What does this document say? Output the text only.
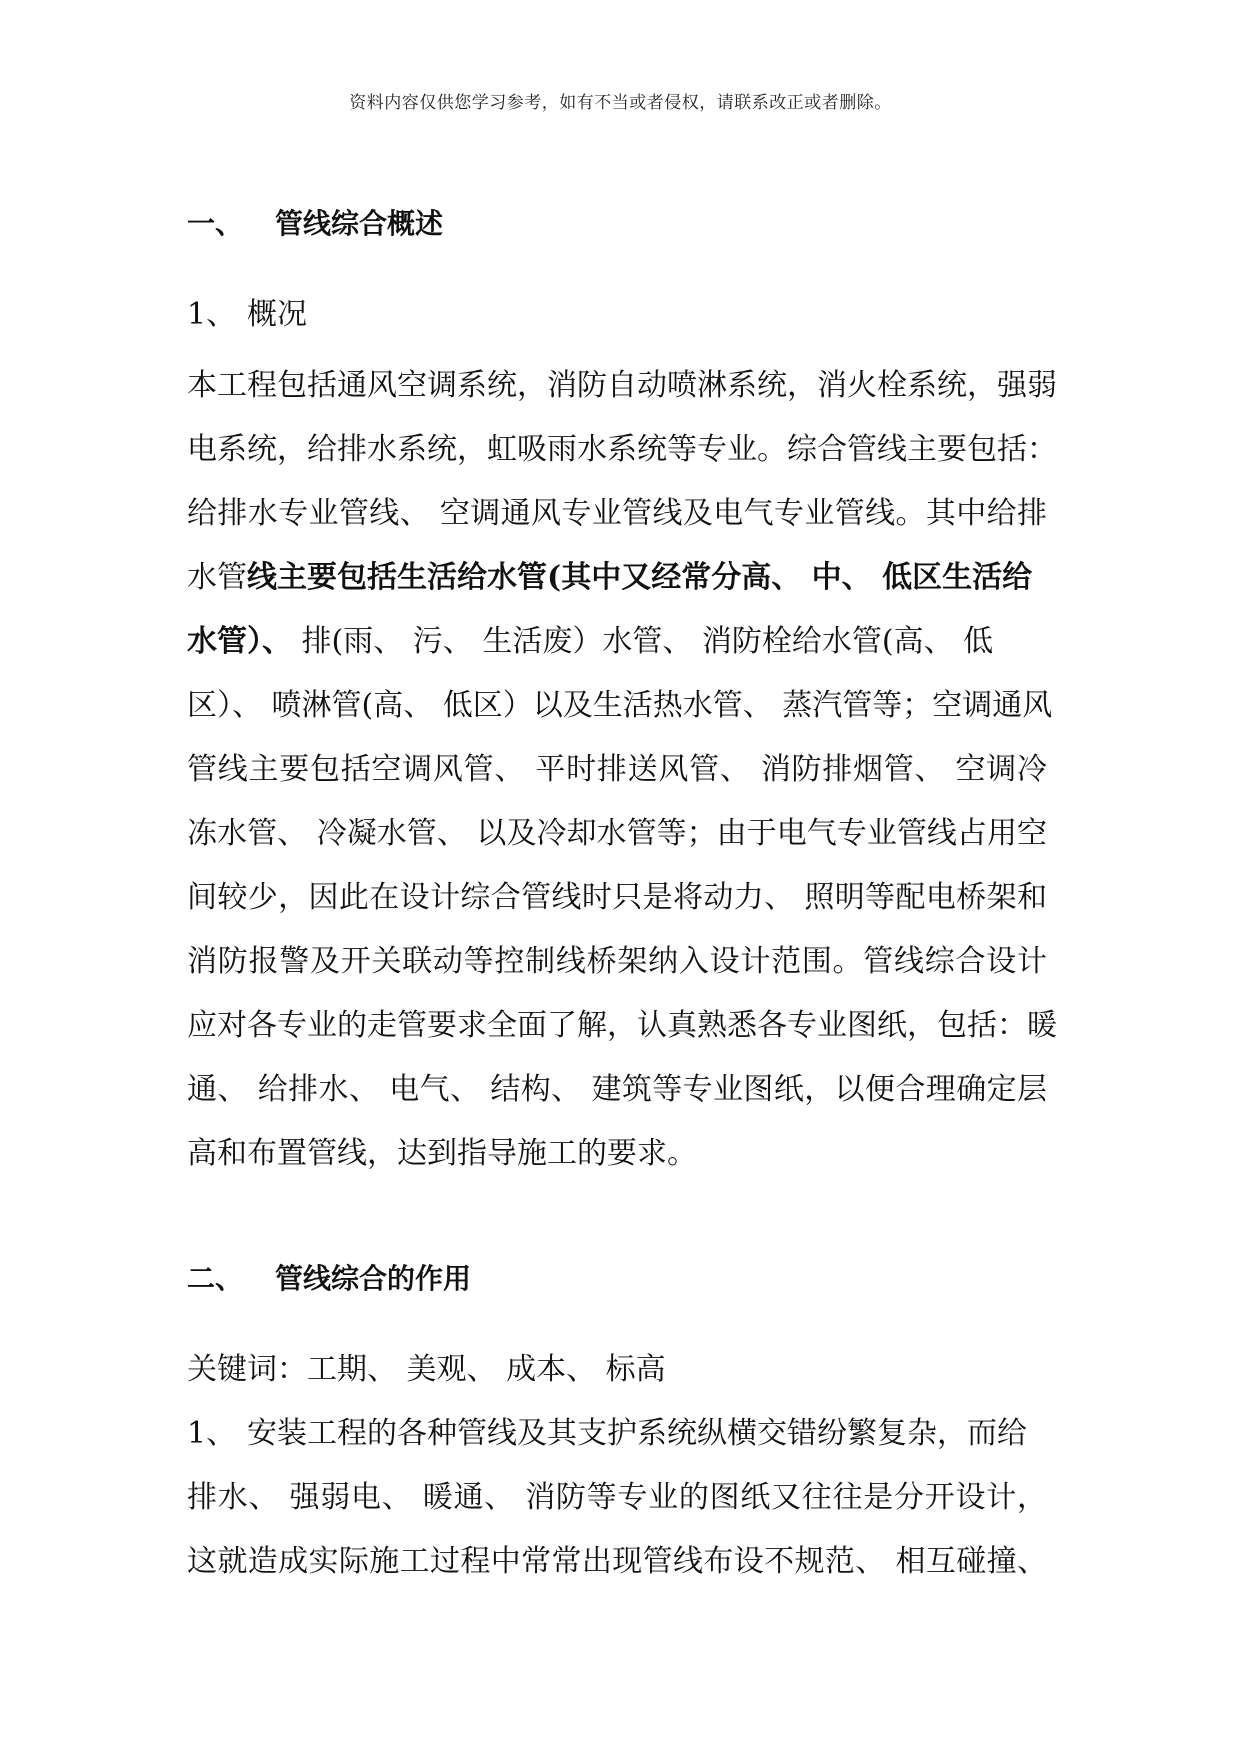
资料内容仅供您学习参考，如有不当或者侵权，请联系改正或者删除。
一、 管线综合概述
1、 概况
本工程包括通风空调系统，消防自动喷淋系统，消火栓系统，强弱
电系统，给排水系统，虹吸雨水系统等专业。综合管线主要包括：
给排水专业管线、 空调通风专业管线及电气专业管线。其中给排
水管线主要包括生活给水管(其中又经常分高、 中、 低区生活给
水管）、 排(雨、 污、 生活废）水管、 消防栓给水管(高、 低
区）、 喷淋管(高、 低区）以及生活热水管、 蒸汽管等；空调通风
管线主要包括空调风管、 平时排送风管、 消防排烟管、 空调冷
冻水管、 冷凝水管、 以及冷却水管等；由于电气专业管线占用空
间较少，因此在设计综合管线时只是将动力、 照明等配电桥架和
消防报警及开关联动等控制线桥架纳入设计范围。管线综合设计
应对各专业的走管要求全面了解，认真熟悉各专业图纸，包括：暖
通、 给排水、 电气、 结构、 建筑等专业图纸，以便合理确定层
高和布置管线，达到指导施工的要求。
二、 管线综合的作用
关键词：工期、 美观、 成本、 标高
1、 安装工程的各种管线及其支护系统纵横交错纷繁复杂，而给
排水、 强弱电、 暖通、 消防等专业的图纸又往往是分开设计，
这就造成实际施工过程中常常出现管线布设不规范、 相互碰撞、
